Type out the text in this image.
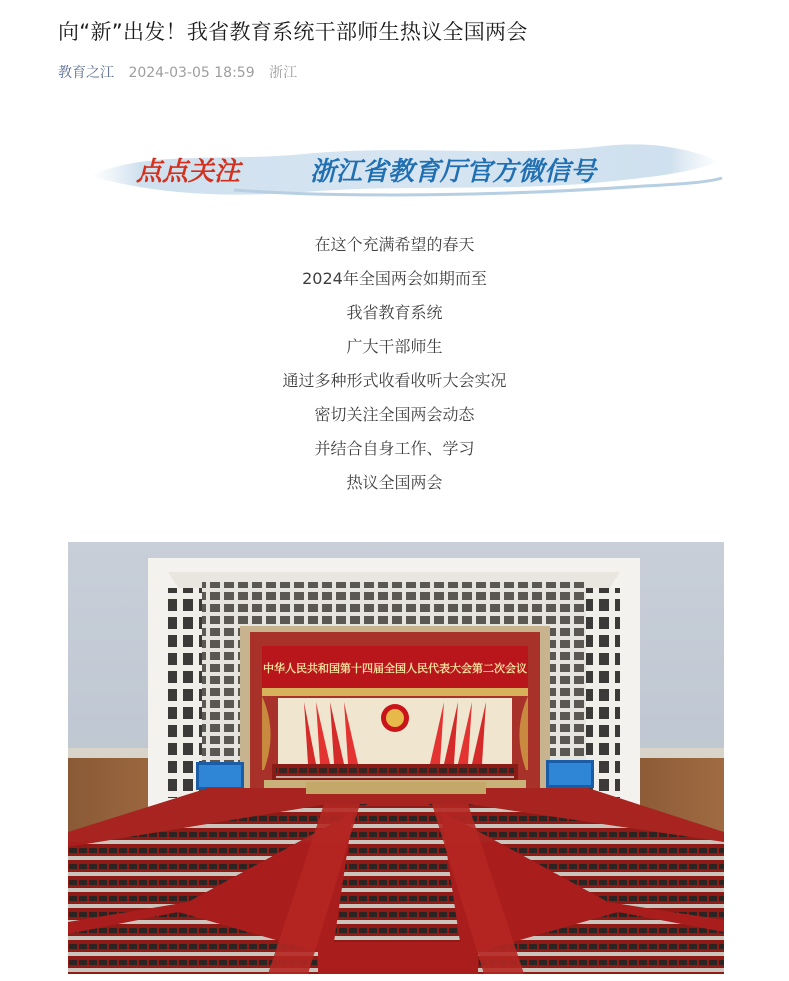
向“新”出发！我省教育系统干部师生热议全国两会
教育之江 2024-03-05 18:59 浙江
点点关注	浙江省教育厅官方微信号
在这个充满希望的春天
2024年全国两会如期而至
我省教育系统
广大干部师生
通过多种形式收看收听大会实况
密切关注全国两会动态
并结合自身工作、学习
热议全国两会
中华人民共和国第十四届全国人民代表大会第二次会议
